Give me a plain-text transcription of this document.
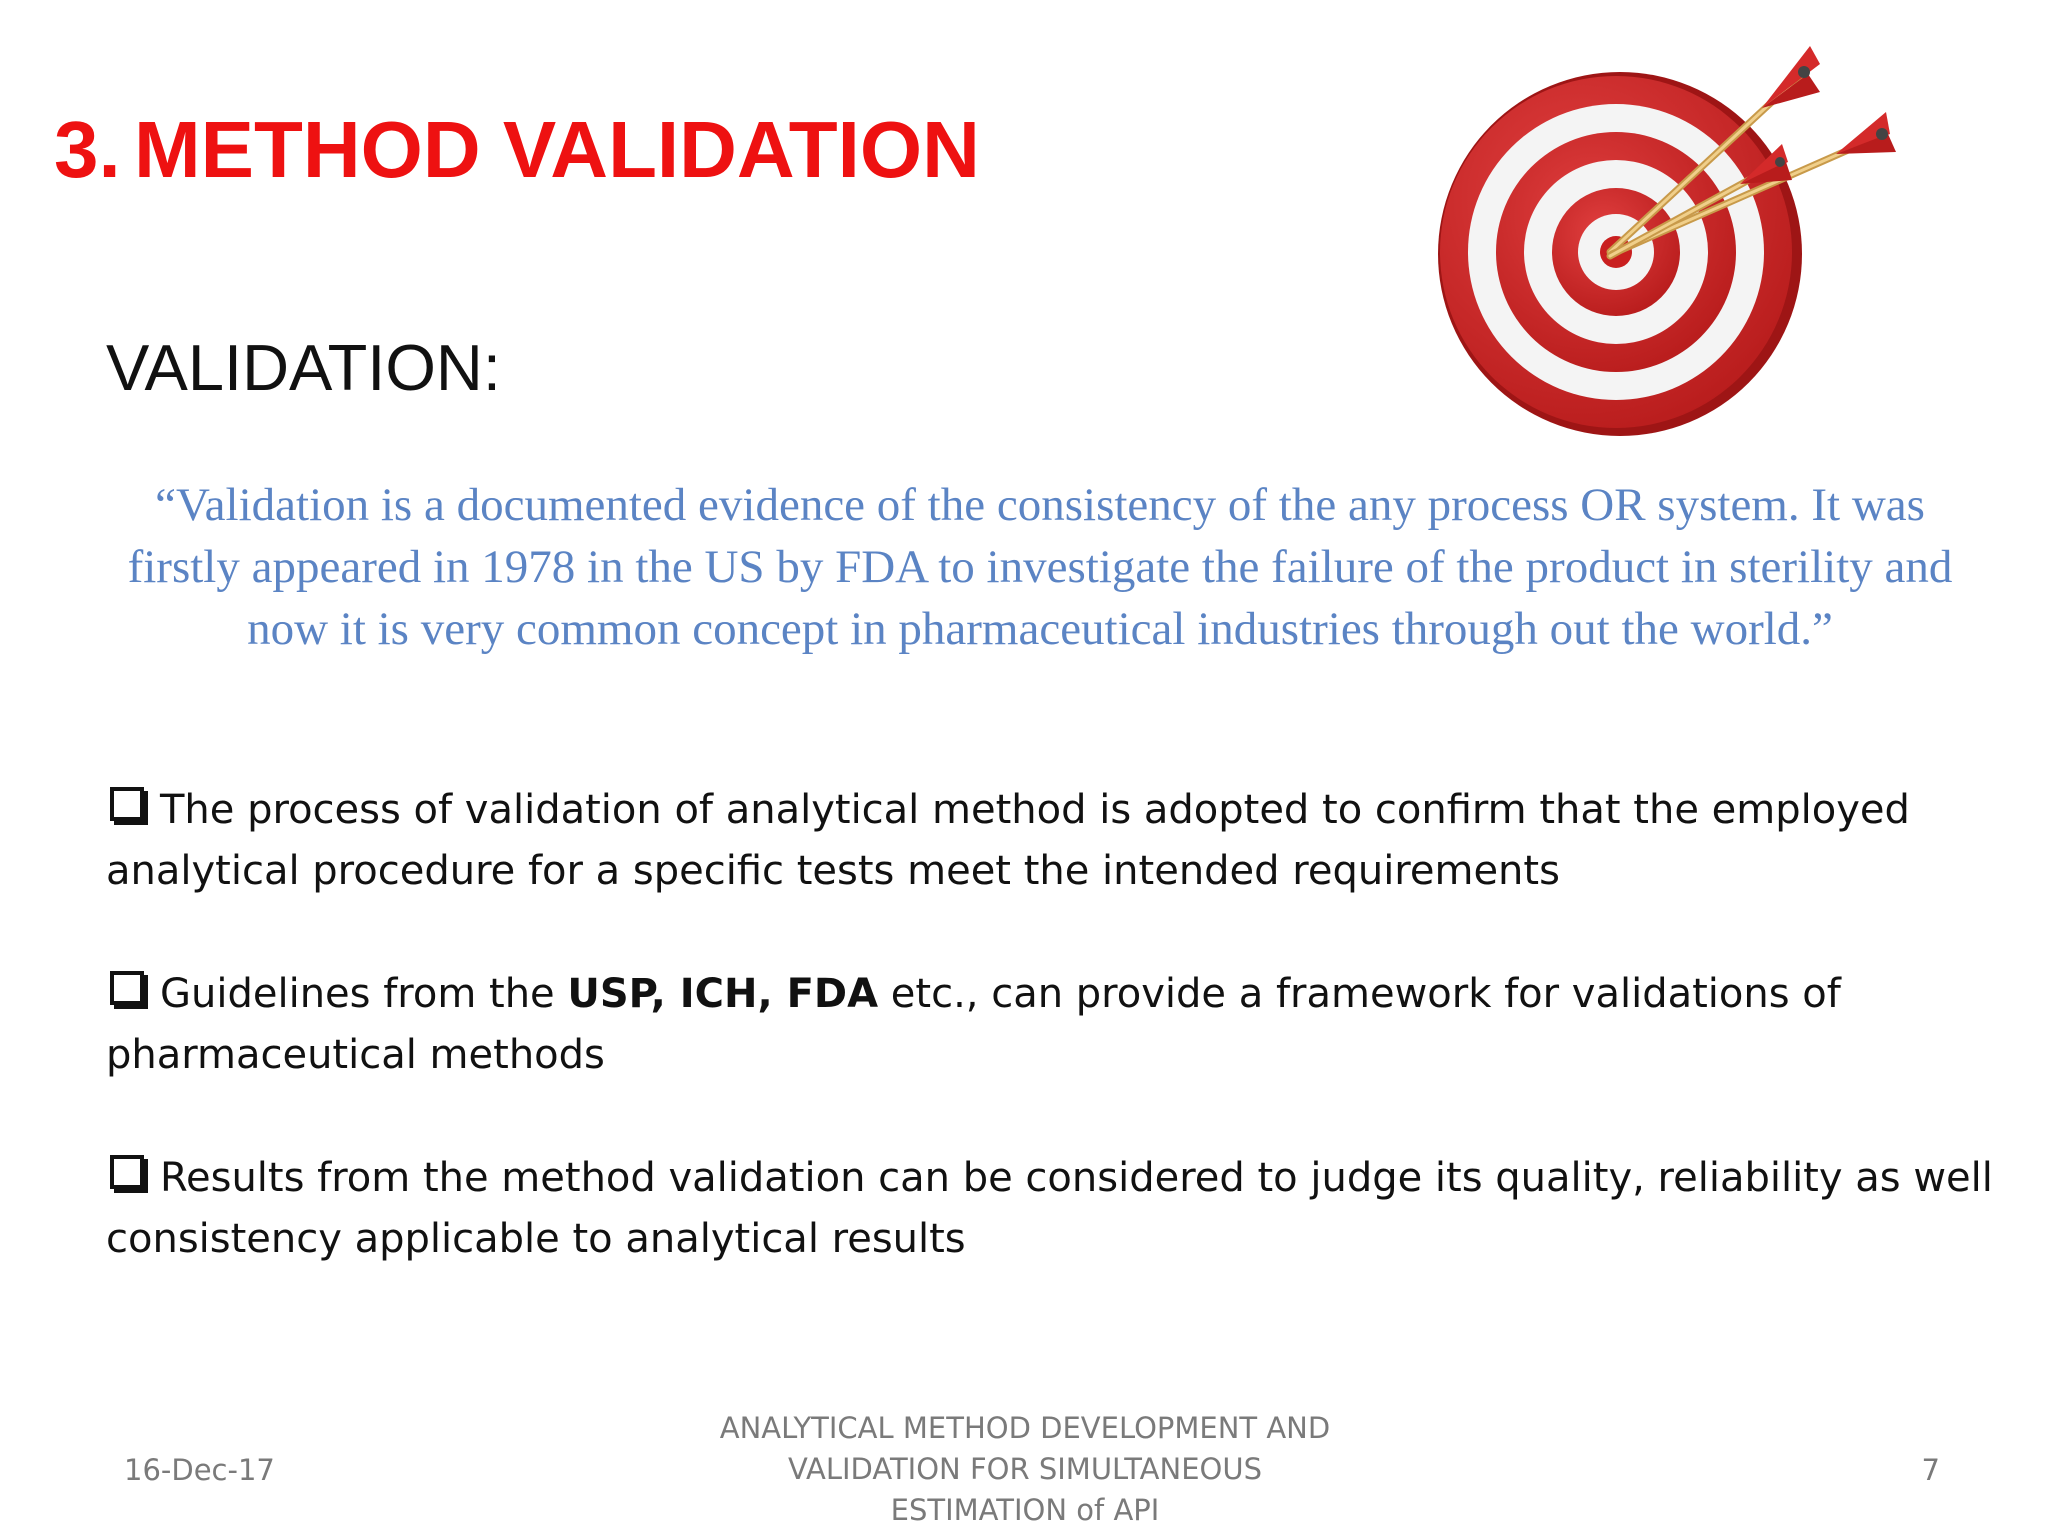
3. METHOD VALIDATION
VALIDATION:
“Validation is a documented evidence of the consistency of the any process OR system. It was firstly appeared in 1978 in the US by FDA to investigate the failure of the product in sterility and now it is very common concept in pharmaceutical industries through out the world.”
The process of validation of analytical method is adopted to confirm that the employed analytical procedure for a specific tests meet the intended requirements
Guidelines from the USP, ICH, FDA etc., can provide a framework for validations of pharmaceutical methods
Results from the method validation can be considered to judge its quality, reliability as well consistency applicable to analytical results
16-Dec-17
ANALYTICAL METHOD DEVELOPMENT AND
VALIDATION FOR SIMULTANEOUS
ESTIMATION of API
7
